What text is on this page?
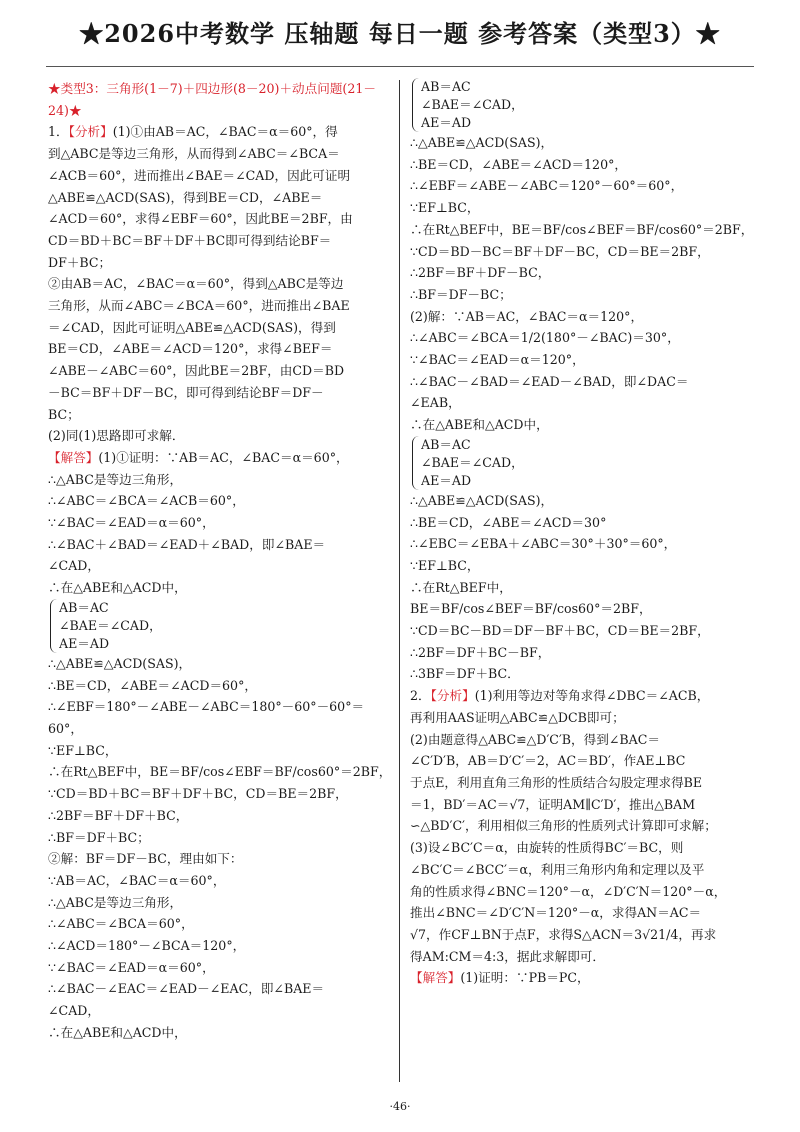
★2026中考数学 压轴题 每日一题 参考答案（类型3）★
★类型3：三角形(1－7)＋四边形(8－20)＋动点问题(21－24)★
1．【分析】(1)①由AB＝AC，∠BAC＝α＝60°，得
到△ABC是等边三角形，从而得到∠ABC＝∠BCA＝
∠ACB＝60°，进而推出∠BAE＝∠CAD，因此可证明
△ABE≌△ACD(SAS)，得到BE＝CD，∠ABE＝
∠ACD＝60°，求得∠EBF＝60°，因此BE＝2BF，由
CD＝BD＋BC＝BF＋DF＋BC即可得到结论BF＝
DF＋BC；
②由AB＝AC，∠BAC＝α＝60°，得到△ABC是等边
三角形，从而∠ABC＝∠BCA＝60°，进而推出∠BAE
＝∠CAD，因此可证明△ABE≌△ACD(SAS)，得到
BE＝CD，∠ABE＝∠ACD＝120°，求得∠BEF＝
∠ABE－∠ABC＝60°，因此BE＝2BF，由CD＝BD
－BC＝BF＋DF－BC，即可得到结论BF＝DF－
BC；
(2)同(1)思路即可求解．
【解答】(1)①证明：∵AB＝AC，∠BAC＝α＝60°，
∴△ABC是等边三角形，
∴∠ABC＝∠BCA＝∠ACB＝60°，
∵∠BAC＝∠EAD＝α＝60°，
∴∠BAC＋∠BAD＝∠EAD＋∠BAD，即∠BAE＝
∠CAD，
∴在△ABE和△ACD中，
AB＝AC
∠BAE＝∠CAD，
AE＝AD
∴△ABE≌△ACD(SAS)，
∴BE＝CD，∠ABE＝∠ACD＝60°，
∴∠EBF＝180°－∠ABE－∠ABC＝180°－60°－60°＝
60°，
∵EF⊥BC，
∴在Rt△BEF中，BE＝BF/cos∠EBF＝BF/cos60°＝2BF，
∵CD＝BD＋BC＝BF＋DF＋BC，CD＝BE＝2BF，
∴2BF＝BF＋DF＋BC，
∴BF＝DF＋BC；
②解：BF＝DF－BC，理由如下：
∵AB＝AC，∠BAC＝α＝60°，
∴△ABC是等边三角形，
∴∠ABC＝∠BCA＝60°，
∴∠ACD＝180°－∠BCA＝120°，
∵∠BAC＝∠EAD＝α＝60°，
∴∠BAC－∠EAC＝∠EAD－∠EAC，即∠BAE＝
∠CAD，
∴在△ABE和△ACD中，
AB＝AC
∠BAE＝∠CAD，
AE＝AD
∴△ABE≌△ACD(SAS)，
∴BE＝CD，∠ABE＝∠ACD＝120°，
∴∠EBF＝∠ABE－∠ABC＝120°－60°＝60°，
∵EF⊥BC，
∴在Rt△BEF中，BE＝BF/cos∠BEF＝BF/cos60°＝2BF，
∵CD＝BD－BC＝BF＋DF－BC，CD＝BE＝2BF，
∴2BF＝BF＋DF－BC，
∴BF＝DF－BC；
(2)解：∵AB＝AC，∠BAC＝α＝120°，
∴∠ABC＝∠BCA＝1/2(180°－∠BAC)＝30°，
∵∠BAC＝∠EAD＝α＝120°，
∴∠BAC－∠BAD＝∠EAD－∠BAD，即∠DAC＝
∠EAB，
∴在△ABE和△ACD中，
AB＝AC
∠BAE＝∠CAD，
AE＝AD
∴△ABE≌△ACD(SAS)，
∴BE＝CD，∠ABE＝∠ACD＝30°
∴∠EBC＝∠EBA＋∠ABC＝30°＋30°＝60°，
∵EF⊥BC，
∴在Rt△BEF中，
BE＝BF/cos∠BEF＝BF/cos60°＝2BF，
∵CD＝BC－BD＝DF－BF＋BC，CD＝BE＝2BF，
∴2BF＝DF＋BC－BF，
∴3BF＝DF＋BC．
2．【分析】(1)利用等边对等角求得∠DBC＝∠ACB，
再利用AAS证明△ABC≌△DCB即可；
(2)由题意得△ABC≌△D′C′B，得到∠BAC＝
∠C′D′B，AB＝D′C′＝2，AC＝BD′，作AE⊥BC
于点E，利用直角三角形的性质结合勾股定理求得BE
＝1，BD′＝AC＝√7，证明AM∥C′D′，推出△BAM
∽△BD′C′，利用相似三角形的性质列式计算即可求解；
(3)设∠BC′C＝α，由旋转的性质得BC′＝BC，则
∠BC′C＝∠BCC′＝α，利用三角形内角和定理以及平
角的性质求得∠BNC＝120°－α，∠D′C′N＝120°－α，
推出∠BNC＝∠D′C′N＝120°－α，求得AN＝AC＝
√7，作CF⊥BN于点F，求得S△ACN＝3√21/4，再求
得AM:CM＝4:3，据此求解即可．
【解答】(1)证明：∵PB＝PC，
·46·
